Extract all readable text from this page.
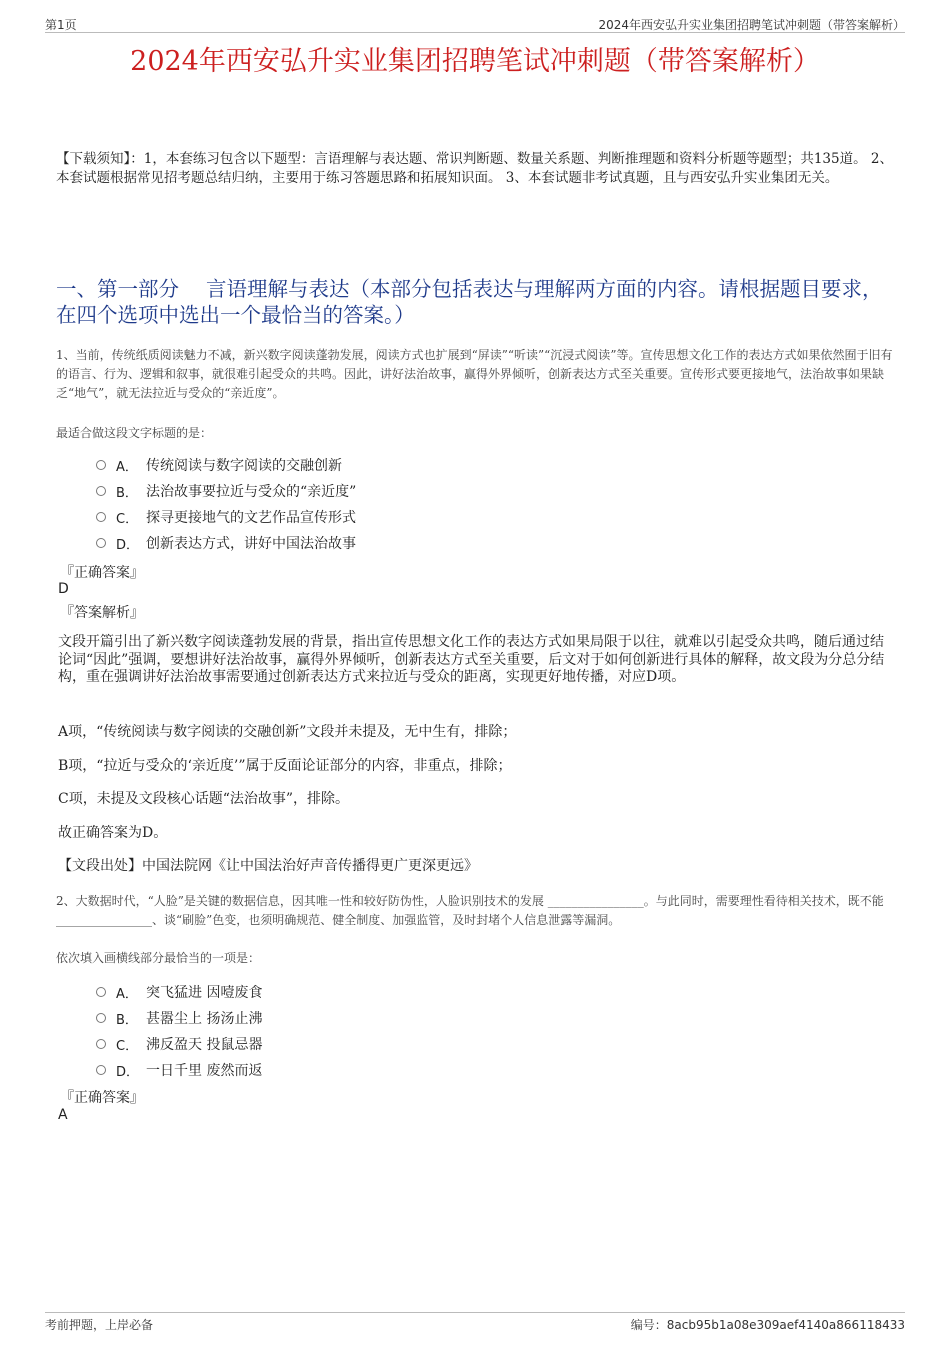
第1页	2024年西安弘升实业集团招聘笔试冲刺题（带答案解析）
2024年西安弘升实业集团招聘笔试冲刺题（带答案解析）
【下载须知】：1，本套练习包含以下题型：言语理解与表达题、常识判断题、数量关系题、判断推理题和资料分析题等题型；共135道。 2、本套试题根据常见招考题总结归纳，主要用于练习答题思路和拓展知识面。 3、本套试题非考试真题，且与西安弘升实业集团无关。
一、第一部分　 言语理解与表达（本部分包括表达与理解两方面的内容。请根据题目要求，在四个选项中选出一个最恰当的答案。）
1、当前，传统纸质阅读魅力不减，新兴数字阅读蓬勃发展，阅读方式也扩展到“屏读”“听读”“沉浸式阅读”等。宣传思想文化工作的表达方式如果依然囿于旧有的语言、行为、逻辑和叙事，就很难引起受众的共鸣。因此，讲好法治故事，赢得外界倾听，创新表达方式至关重要。宣传形式要更接地气，法治故事如果缺乏“地气”，就无法拉近与受众的“亲近度”。
最适合做这段文字标题的是：
A． 传统阅读与数字阅读的交融创新
B． 法治故事要拉近与受众的“亲近度”
C． 探寻更接地气的文艺作品宣传形式
D． 创新表达方式，讲好中国法治故事
『正确答案』
D
『答案解析』
文段开篇引出了新兴数字阅读蓬勃发展的背景，指出宣传思想文化工作的表达方式如果局限于以往，就难以引起受众共鸣，随后通过结论词“因此”强调，要想讲好法治故事，赢得外界倾听，创新表达方式至关重要，后文对于如何创新进行具体的解释，故文段为分总分结构，重在强调讲好法治故事需要通过创新表达方式来拉近与受众的距离，实现更好地传播，对应D项。
A项，“传统阅读与数字阅读的交融创新”文段并未提及，无中生有，排除；
B项，“拉近与受众的‘亲近度’”属于反面论证部分的内容，非重点，排除；
C项，未提及文段核心话题“法治故事”，排除。
故正确答案为D。
【文段出处】中国法院网《让中国法治好声音传播得更广更深更远》
2、大数据时代，“人脸”是关键的数据信息，因其唯一性和较好防伪性，人脸识别技术的发展 ________________。与此同时，需要理性看待相关技术，既不能 ________________、谈“刷脸”色变，也须明确规范、健全制度、加强监管，及时封堵个人信息泄露等漏洞。
依次填入画横线部分最恰当的一项是：
A． 突飞猛进 因噎废食
B． 甚嚣尘上 扬汤止沸
C． 沸反盈天 投鼠忌器
D． 一日千里 废然而返
『正确答案』
A
考前押题，上岸必备	编号：8acb95b1a08e309aef4140a866118433
